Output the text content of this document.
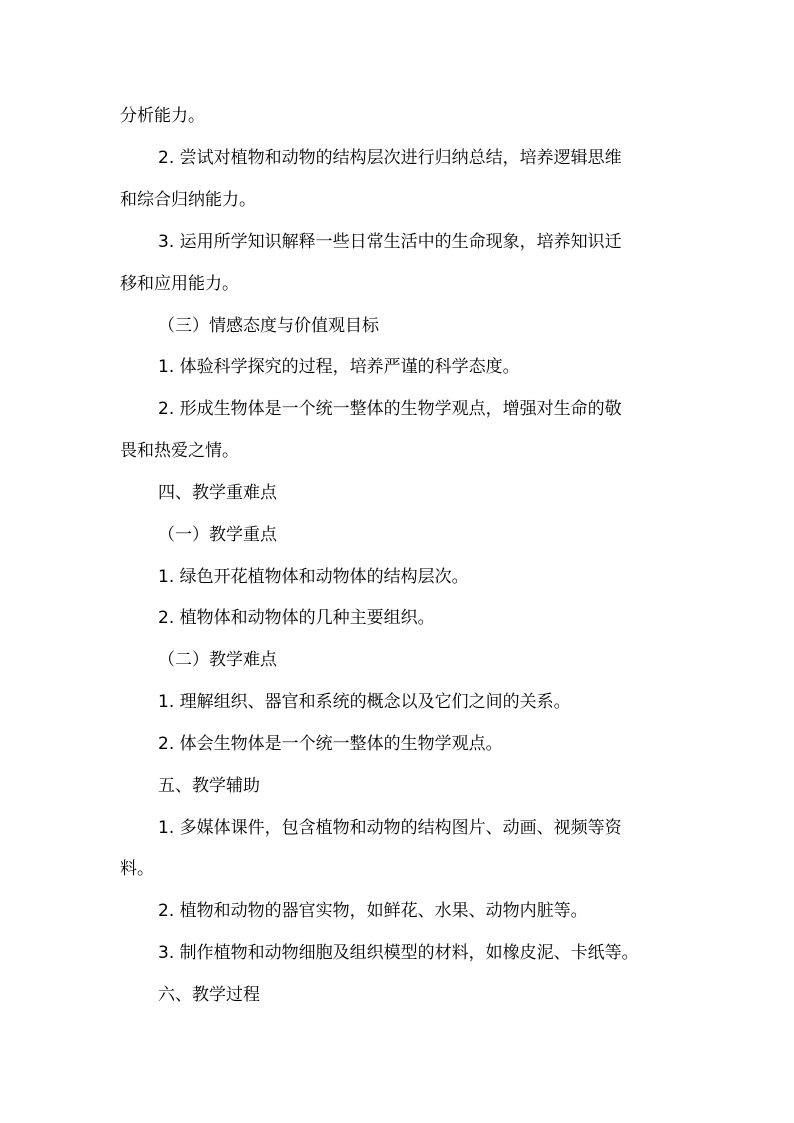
分析能力。
2. 尝试对植物和动物的结构层次进行归纳总结，培养逻辑思维
和综合归纳能力。
3. 运用所学知识解释一些日常生活中的生命现象，培养知识迁
移和应用能力。
（三）情感态度与价值观目标
1. 体验科学探究的过程，培养严谨的科学态度。
2. 形成生物体是一个统一整体的生物学观点，增强对生命的敬
畏和热爱之情。
四、教学重难点
（一）教学重点
1. 绿色开花植物体和动物体的结构层次。
2. 植物体和动物体的几种主要组织。
（二）教学难点
1. 理解组织、器官和系统的概念以及它们之间的关系。
2. 体会生物体是一个统一整体的生物学观点。
五、教学辅助
1. 多媒体课件，包含植物和动物的结构图片、动画、视频等资
料。
2. 植物和动物的器官实物，如鲜花、水果、动物内脏等。
3. 制作植物和动物细胞及组织模型的材料，如橡皮泥、卡纸等。
六、教学过程
